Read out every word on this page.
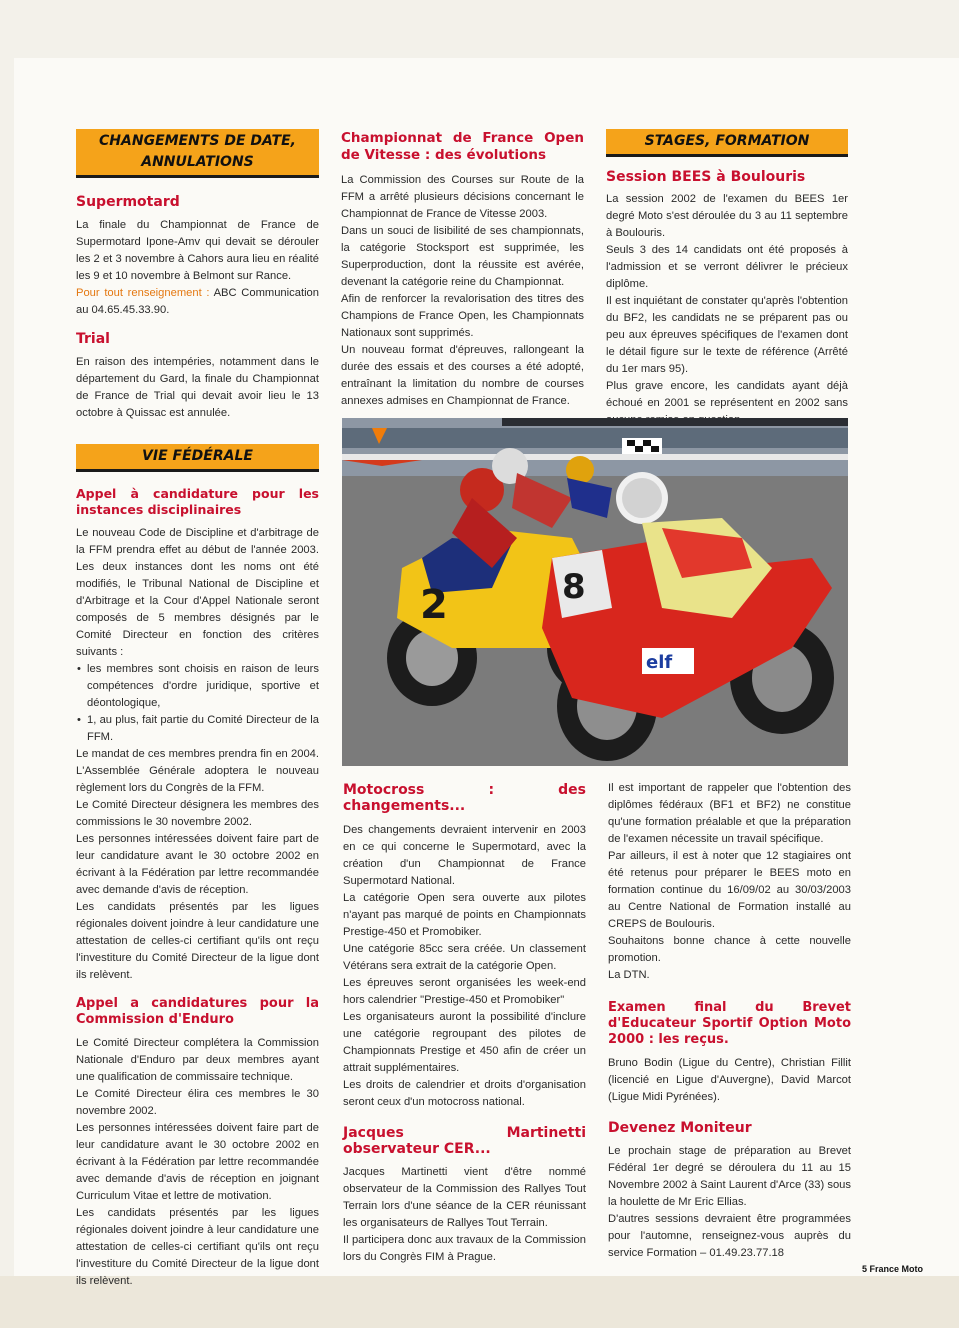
CHANGEMENTS DE DATE, ANNULATIONS
Supermotard

La finale du Championnat de France de Supermotard Ipone-Amv qui devait se dérouler les 2 et 3 novembre à Cahors aura lieu en réalité les 9 et 10 novembre à Belmont sur Rance.

Pour tout renseignement : ABC Communication au 04.65.45.33.90.

Trial

En raison des intempéries, notamment dans le département du Gard, la finale du Championnat de France de Trial qui devait avoir lieu le 13 octobre à Quissac est annulée.

VIE FÉDÉRALE
Appel à candidature pour les instances disciplinaires

Le nouveau Code de Discipline et d'arbitrage de la FFM prendra effet au début de l'année 2003. Les deux instances dont les noms ont été modifiés, le Tribunal National de Discipline et d'Arbitrage et la Cour d'Appel Nationale seront composés de 5 membres désignés par le Comité Directeur en fonction des critères suivants :

• les membres sont choisis en raison de leurs compétences d'ordre juridique, sportive et déontologique,
• 1, au plus, fait partie du Comité Directeur de la FFM.

Le mandat de ces membres prendra fin en 2004. L'Assemblée Générale adoptera le nouveau règlement lors du Congrès de la FFM.

Le Comité Directeur désignera les membres des commissions le 30 novembre 2002.

Les personnes intéressées doivent faire part de leur candidature avant le 30 octobre 2002 en écrivant à la Fédération par lettre recommandée avec demande d'avis de réception.

Les candidats présentés par les ligues régionales doivent joindre à leur candidature une attestation de celles-ci certifiant qu'ils ont reçu l'investiture du Comité Directeur de la ligue dont ils relèvent.

Appel a candidatures pour la Commission d'Enduro

Le Comité Directeur complétera la Commission Nationale d'Enduro par deux membres ayant une qualification de commissaire technique.

Le Comité Directeur élira ces membres le 30 novembre 2002.

Les personnes intéressées doivent faire part de leur candidature avant le 30 octobre 2002 en écrivant à la Fédération par lettre recommandée avec demande d'avis de réception en joignant Curriculum Vitae et lettre de motivation.

Les candidats présentés par les ligues régionales doivent joindre à leur candidature une attestation de celles-ci certifiant qu'ils ont reçu l'investiture du Comité Directeur de la ligue dont ils relèvent.

Championnat de France Open de Vitesse : des évolutions

La Commission des Courses sur Route de la FFM a arrêté plusieurs décisions concernant le Championnat de France de Vitesse 2003.

Dans un souci de lisibilité de ses championnats, la catégorie Stocksport est supprimée, les Superproduction, dont la réussite est avérée, devenant la catégorie reine du Championnat.

Afin de renforcer la revalorisation des titres des Champions de France Open, les Championnats Nationaux sont supprimés.

Un nouveau format d'épreuves, rallongeant la durée des essais et des courses a été adopté, entraînant la limitation du nombre de courses annexes admises en Championnat de France.

STAGES, FORMATION
Session BEES à Boulouris

La session 2002 de l'examen du BEES 1er degré Moto s'est déroulée du 3 au 11 septembre à Boulouris.

Seuls 3 des 14 candidats ont été proposés à l'admission et se verront délivrer le précieux diplôme.

Il est inquiétant de constater qu'après l'obtention du BF2, les candidats ne se préparent pas ou peu aux épreuves spécifiques de l'examen dont le détail figure sur le texte de référence (Arrêté du 1er mars 95).

Plus grave encore, les candidats ayant déjà échoué en 2001 se représentent en 2002 sans

2	8
elf
Motocross : des changements...

Des changements devraient intervenir en 2003 en ce qui concerne le Supermotard, avec la création d'un Championnat de France Supermotard National.

La catégorie Open sera ouverte aux pilotes n'ayant pas marqué de points en Championnats Prestige-450 et Promobiker.

Une catégorie 85cc sera créée. Un classement Vétérans sera extrait de la catégorie Open.

Les épreuves seront organisées les week-end hors calendrier "Prestige-450 et Promobiker"

Les organisateurs auront la possibilité d'inclure une catégorie regroupant des pilotes de Championnats Prestige et 450 afin de créer un attrait supplémentaires.

Les droits de calendrier et droits d'organisation seront ceux d'un motocross national.

Jacques Martinetti observateur CER...

Jacques Martinetti vient d'être nommé observateur de la Commission des Rallyes Tout Terrain lors d'une séance de la CER réunissant les organisateurs de Rallyes Tout Terrain.

Il participera donc aux travaux de la Commission lors du Congrès FIM à Prague.

Il est important de rappeler que l'obtention des diplômes fédéraux (BF1 et BF2) ne constitue qu'une formation préalable et que la préparation de l'examen nécessite un travail spécifique.

Par ailleurs, il est à noter que 12 stagiaires ont été retenus pour préparer le BEES moto en formation continue du 16/09/02 au 30/03/2003 au Centre National de Formation installé au CREPS de Boulouris.

Souhaitons bonne chance à cette nouvelle promotion.

La DTN.

Examen final du Brevet d'Educateur Sportif Option Moto 2000 : les reçus.

Bruno Bodin (Ligue du Centre), Christian Fillit (licencié en Ligue d'Auvergne), David Marcot (Ligue Midi Pyrénées).

Devenez Moniteur

Le prochain stage de préparation au Brevet Fédéral 1er degré se déroulera du 11 au 15 Novembre 2002 à Saint Laurent d'Arce (33) sous la houlette de Mr Eric Ellias.

D'autres sessions devraient être programmées pour l'automne, renseignez-vous auprès du service Formation – 01.49.23.77.18

5 France Moto
